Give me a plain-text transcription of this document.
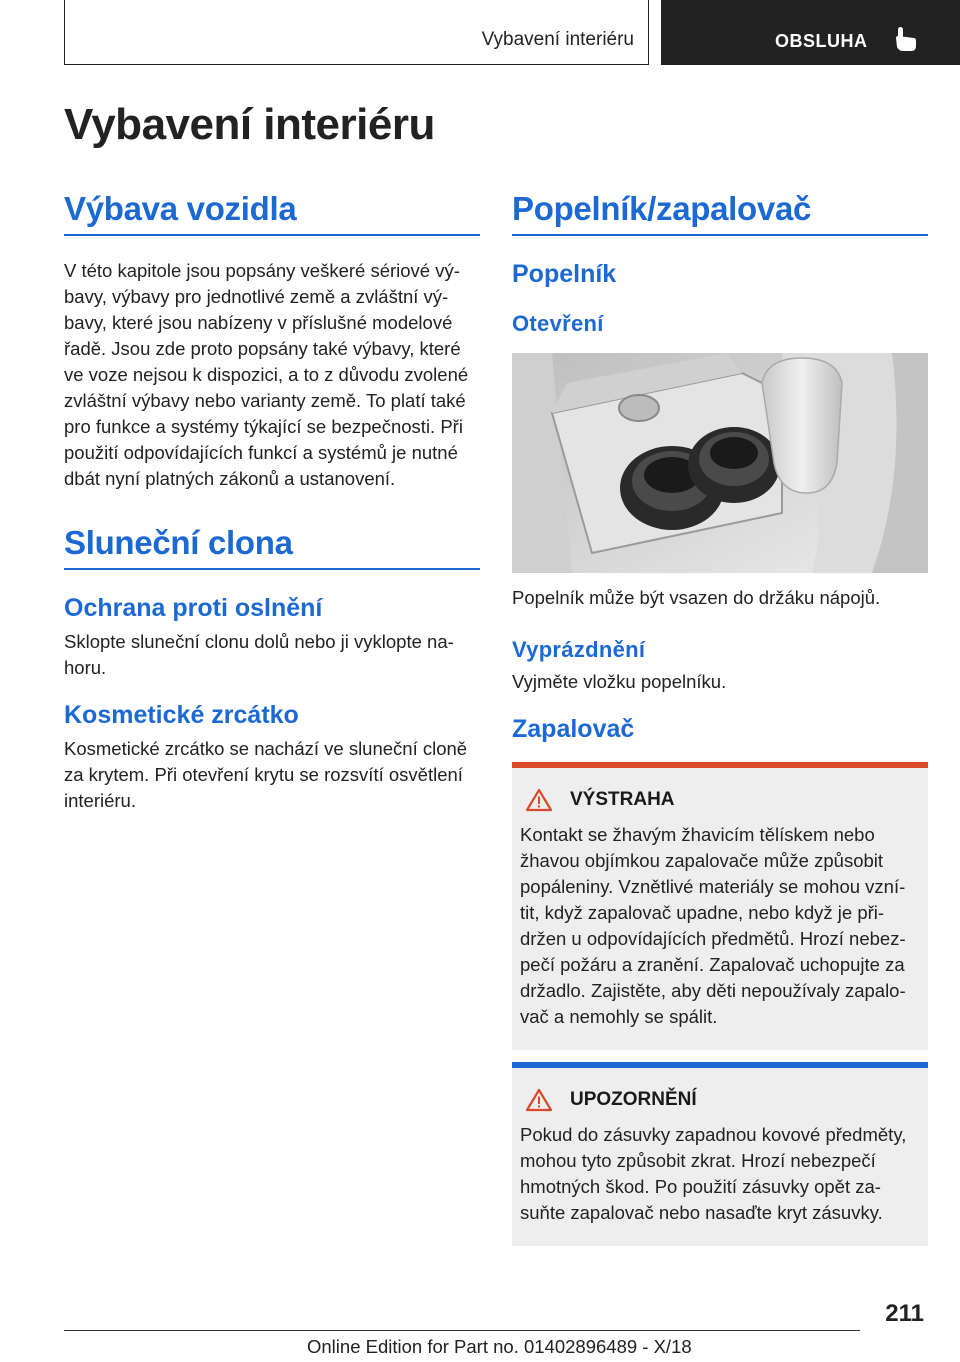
Vybavení interiéru	OBSLUHA
Vybavení interiéru
Výbava vozidla
V této kapitole jsou popsány veškeré sériové vý-bavy, výbavy pro jednotlivé země a zvláštní vý-bavy, které jsou nabízeny v příslušné modelové řadě. Jsou zde proto popsány také výbavy, které ve voze nejsou k dispozici, a to z důvodu zvolené zvláštní výbavy nebo varianty země. To platí také pro funkce a systémy týkající se bezpečnosti. Při použití odpovídajících funkcí a systémů je nutné dbát nyní platných zákonů a ustanovení.
Sluneční clona
Ochrana proti oslnění
Sklopte sluneční clonu dolů nebo ji vyklopte na-horu.
Kosmetické zrcátko
Kosmetické zrcátko se nachází ve sluneční cloně za krytem. Při otevření krytu se rozsvítí osvětlení interiéru.
Popelník/zapalovač
Popelník
Otevření
Popelník může být vsazen do držáku nápojů.
Vyprázdnění
Vyjměte vložku popelníku.
Zapalovač
VÝSTRAHA
Kontakt se žhavým žhavicím tělískem nebo žhavou objímkou zapalovače může způsobit popáleniny. Vznětlivé materiály se mohou vzní-tit, když zapalovač upadne, nebo když je při-držen u odpovídajících předmětů. Hrozí nebez-pečí požáru a zranění. Zapalovač uchopujte za držadlo. Zajistěte, aby děti nepoužívaly zapalo-vač a nemohly se spálit.
UPOZORNĚNÍ
Pokud do zásuvky zapadnou kovové předměty, mohou tyto způsobit zkrat. Hrozí nebezpečí hmotných škod. Po použití zásuvky opět za-suňte zapalovač nebo nasaďte kryt zásuvky.
211
Online Edition for Part no. 01402896489 - X/18
